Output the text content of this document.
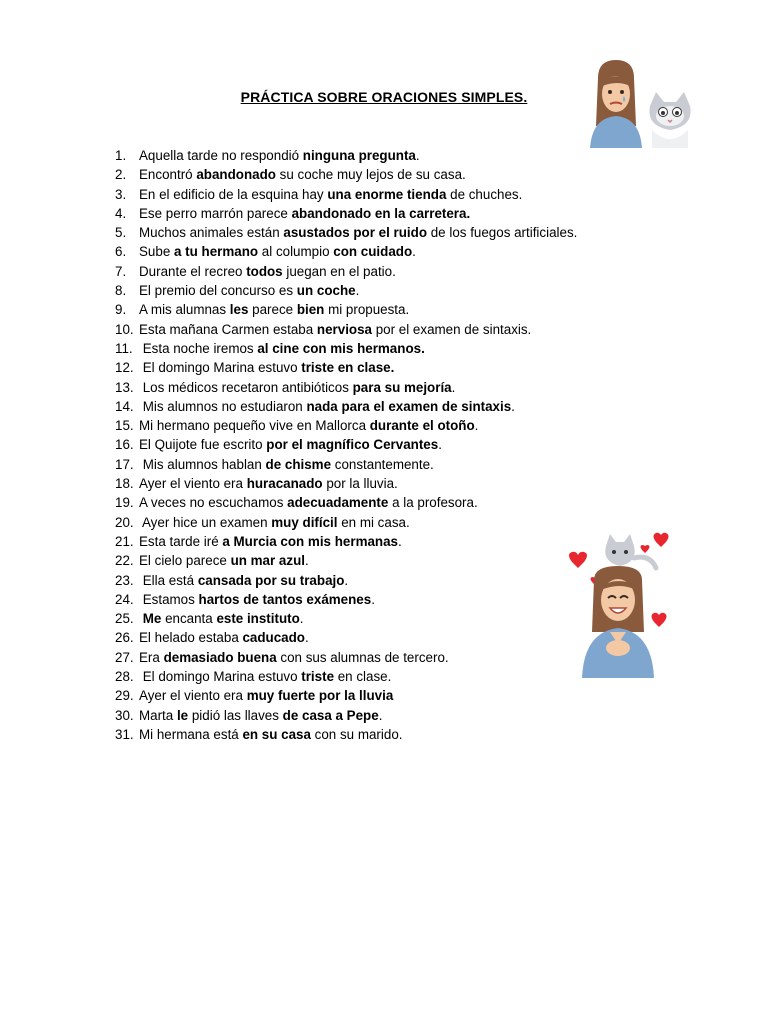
PRÁCTICA SOBRE ORACIONES SIMPLES.
1. Aquella tarde no respondió ninguna pregunta.
2. Encontró abandonado su coche muy lejos de su casa.
3. En el edificio de la esquina hay una enorme tienda de chuches.
4. Ese perro marrón parece abandonado en la carretera.
5. Muchos animales están asustados por el ruido de los fuegos artificiales.
6. Sube a tu hermano al columpio con cuidado.
7. Durante el recreo todos juegan en el patio.
8. El premio del concurso es un coche.
9. A mis alumnas les parece bien mi propuesta.
10. Esta mañana Carmen estaba nerviosa por el examen de sintaxis.
11. Esta noche iremos al cine con mis hermanos.
12. El domingo Marina estuvo triste en clase.
13. Los médicos recetaron antibióticos para su mejoría.
14. Mis alumnos no estudiaron nada para el examen de sintaxis.
15. Mi hermano pequeño vive en Mallorca durante el otoño.
16. El Quijote fue escrito por el magnífico Cervantes.
17. Mis alumnos hablan de chisme constantemente.
18. Ayer el viento era huracanado por la lluvia.
19. A veces no escuchamos adecuadamente a la profesora.
20. Ayer hice un examen muy difícil en mi casa.
21. Esta tarde iré a Murcia con mis hermanas.
22. El cielo parece un mar azul.
23. Ella está cansada por su trabajo.
24. Estamos hartos de tantos exámenes.
25. Me encanta este instituto.
26. El helado estaba caducado.
27. Era demasiado buena con sus alumnas de tercero.
28. El domingo Marina estuvo triste en clase.
29. Ayer el viento era muy fuerte por la lluvia
30. Marta le pidió las llaves de casa a Pepe.
31. Mi hermana está en su casa con su marido.
